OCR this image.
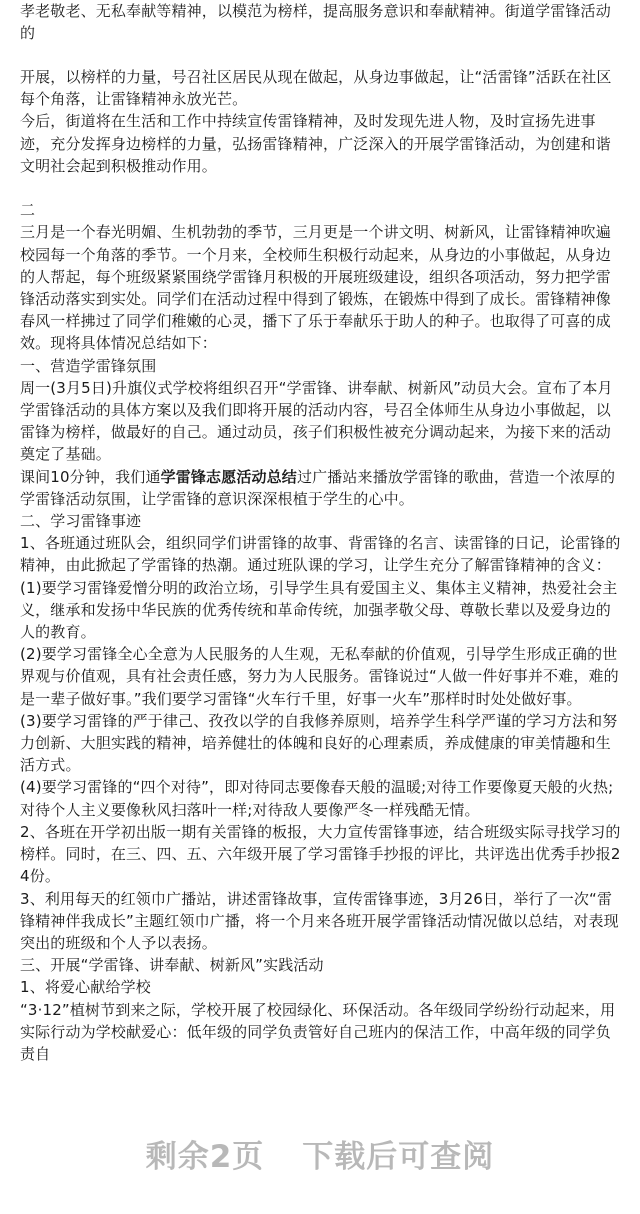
孝老敬老、无私奉献等精神，以模范为榜样，提高服务意识和奉献精神。街道学雷锋活动的

开展，以榜样的力量，号召社区居民从现在做起，从身边事做起，让“活雷锋”活跃在社区每个角落，让雷锋精神永放光芒。

今后，街道将在生活和工作中持续宣传雷锋精神，及时发现先进人物，及时宣扬先进事迹，充分发挥身边榜样的力量，弘扬雷锋精神，广泛深入的开展学雷锋活动，为创建和谐文明社会起到积极推动作用。

二

三月是一个春光明媚、生机勃勃的季节，三月更是一个讲文明、树新风，让雷锋精神吹遍校园每一个角落的季节。一个月来，全校师生积极行动起来，从身边的小事做起，从身边的人帮起，每个班级紧紧围绕学雷锋月积极的开展班级建设，组织各项活动，努力把学雷锋活动落实到实处。同学们在活动过程中得到了锻炼，在锻炼中得到了成长。雷锋精神像春风一样拂过了同学们稚嫩的心灵，播下了乐于奉献乐于助人的种子。也取得了可喜的成效。现将具体情况总结如下：

一、营造学雷锋氛围

周一(3月5日)升旗仪式学校将组织召开“学雷锋、讲奉献、树新风”动员大会。宣布了本月学雷锋活动的具体方案以及我们即将开展的活动内容，号召全体师生从身边小事做起，以雷锋为榜样，做最好的自己。通过动员，孩子们积极性被充分调动起来，为接下来的活动奠定了基础。

课间10分钟，我们通学雷锋志愿活动总结过广播站来播放学雷锋的歌曲，营造一个浓厚的学雷锋活动氛围，让学雷锋的意识深深根植于学生的心中。

二、学习雷锋事迹

1、各班通过班队会，组织同学们讲雷锋的故事、背雷锋的名言、读雷锋的日记，论雷锋的精神，由此掀起了学雷锋的热潮。通过班队课的学习，让学生充分了解雷锋精神的含义：

(1)要学习雷锋爱憎分明的政治立场，引导学生具有爱国主义、集体主义精神，热爱社会主义，继承和发扬中华民族的优秀传统和革命传统，加强孝敬父母、尊敬长辈以及爱身边的人的教育。

(2)要学习雷锋全心全意为人民服务的人生观，无私奉献的价值观，引导学生形成正确的世界观与价值观，具有社会责任感，努力为人民服务。雷锋说过“人做一件好事并不难，难的是一辈子做好事。”我们要学习雷锋“火车行千里，好事一火车”那样时时处处做好事。

(3)要学习雷锋的严于律己、孜孜以学的自我修养原则，培养学生科学严谨的学习方法和努力创新、大胆实践的精神，培养健壮的体魄和良好的心理素质，养成健康的审美情趣和生活方式。

(4)要学习雷锋的“四个对待”，即对待同志要像春天般的温暖;对待工作要像夏天般的火热;对待个人主义要像秋风扫落叶一样;对待敌人要像严冬一样残酷无情。

2、各班在开学初出版一期有关雷锋的板报，大力宣传雷锋事迹，结合班级实际寻找学习的榜样。同时，在三、四、五、六年级开展了学习雷锋手抄报的评比，共评选出优秀手抄报24份。

3、利用每天的红领巾广播站，讲述雷锋故事，宣传雷锋事迹，3月26日，举行了一次“雷锋精神伴我成长”主题红领巾广播，将一个月来各班开展学雷锋活动情况做以总结，对表现突出的班级和个人予以表扬。

三、开展“学雷锋、讲奉献、树新风”实践活动

1、将爱心献给学校

“3·12”植树节到来之际，学校开展了校园绿化、环保活动。各年级同学纷纷行动起来，用实际行动为学校献爱心：低年级的同学负责管好自己班内的保洁工作，中高年级的同学负责自

剩余2页 下载后可查阅
